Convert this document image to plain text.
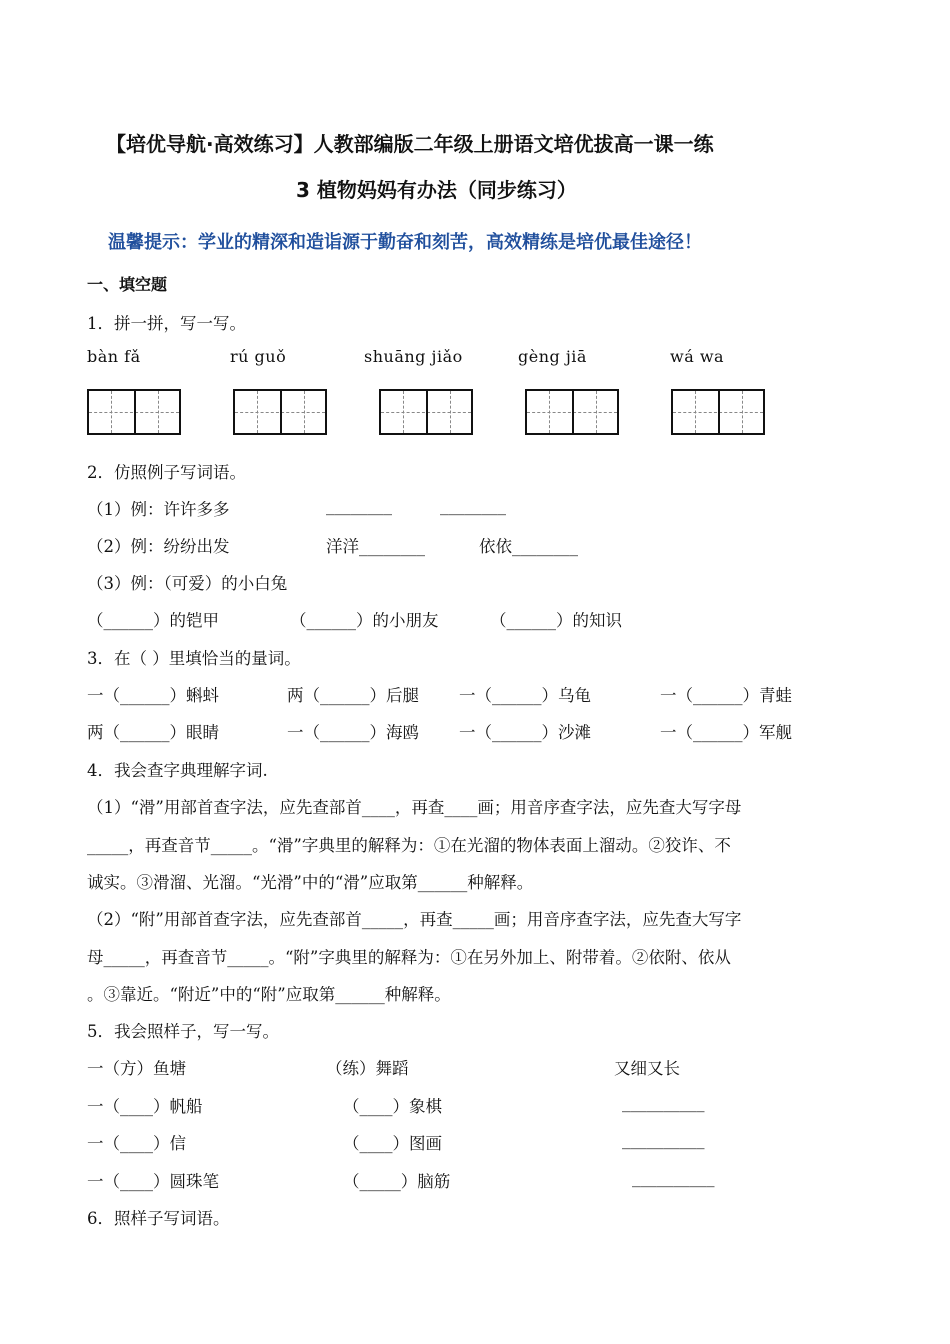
【培优导航·高效练习】人教部编版二年级上册语文培优拔高一课一练
3 植物妈妈有办法（同步练习）
温馨提示：学业的精深和造诣源于勤奋和刻苦，高效精练是培优最佳途径！
一、填空题
1．拼一拼，写一写。
bàn fǎ	rú guǒ	shuāng jiǎo	gèng jiā	wá wa
2．仿照例子写词语。
（1）例：许许多多	________	________
（2）例：纷纷出发	洋洋________	依依________
（3）例：（可爱）的小白兔
（______）的铠甲	（______）的小朋友	（______）的知识
3．在（ ）里填恰当的量词。
一（______）蝌蚪	两（______）后腿 一（______）乌龟	一（______）青蛙
两（______）眼睛	一（______）海鸥 一（______）沙滩	一（______）军舰
4．我会查字典理解字词.
（1）“滑”用部首查字法，应先查部首____，再查____画；用音序查字法，应先查大写字母
_____，再查音节_____。“滑”字典里的解释为：①在光溜的物体表面上溜动。②狡诈、不
诚实。③滑溜、光溜。“光滑”中的“滑”应取第______种解释。
（2）“附”用部首查字法，应先查部首_____，再查_____画；用音序查字法，应先查大写字
母_____，再查音节_____。“附”字典里的解释为：①在另外加上、附带着。②依附、依从
。③靠近。“附近”中的“附”应取第______种解释。
5．我会照样子，写一写。
一（方）鱼塘	（练）舞蹈	又细又长
一（____）帆船	（____）象棋	__________
一（____）信	（____）图画	__________
一（____）圆珠笔	（_____）脑筋	__________
6．照样子写词语。
